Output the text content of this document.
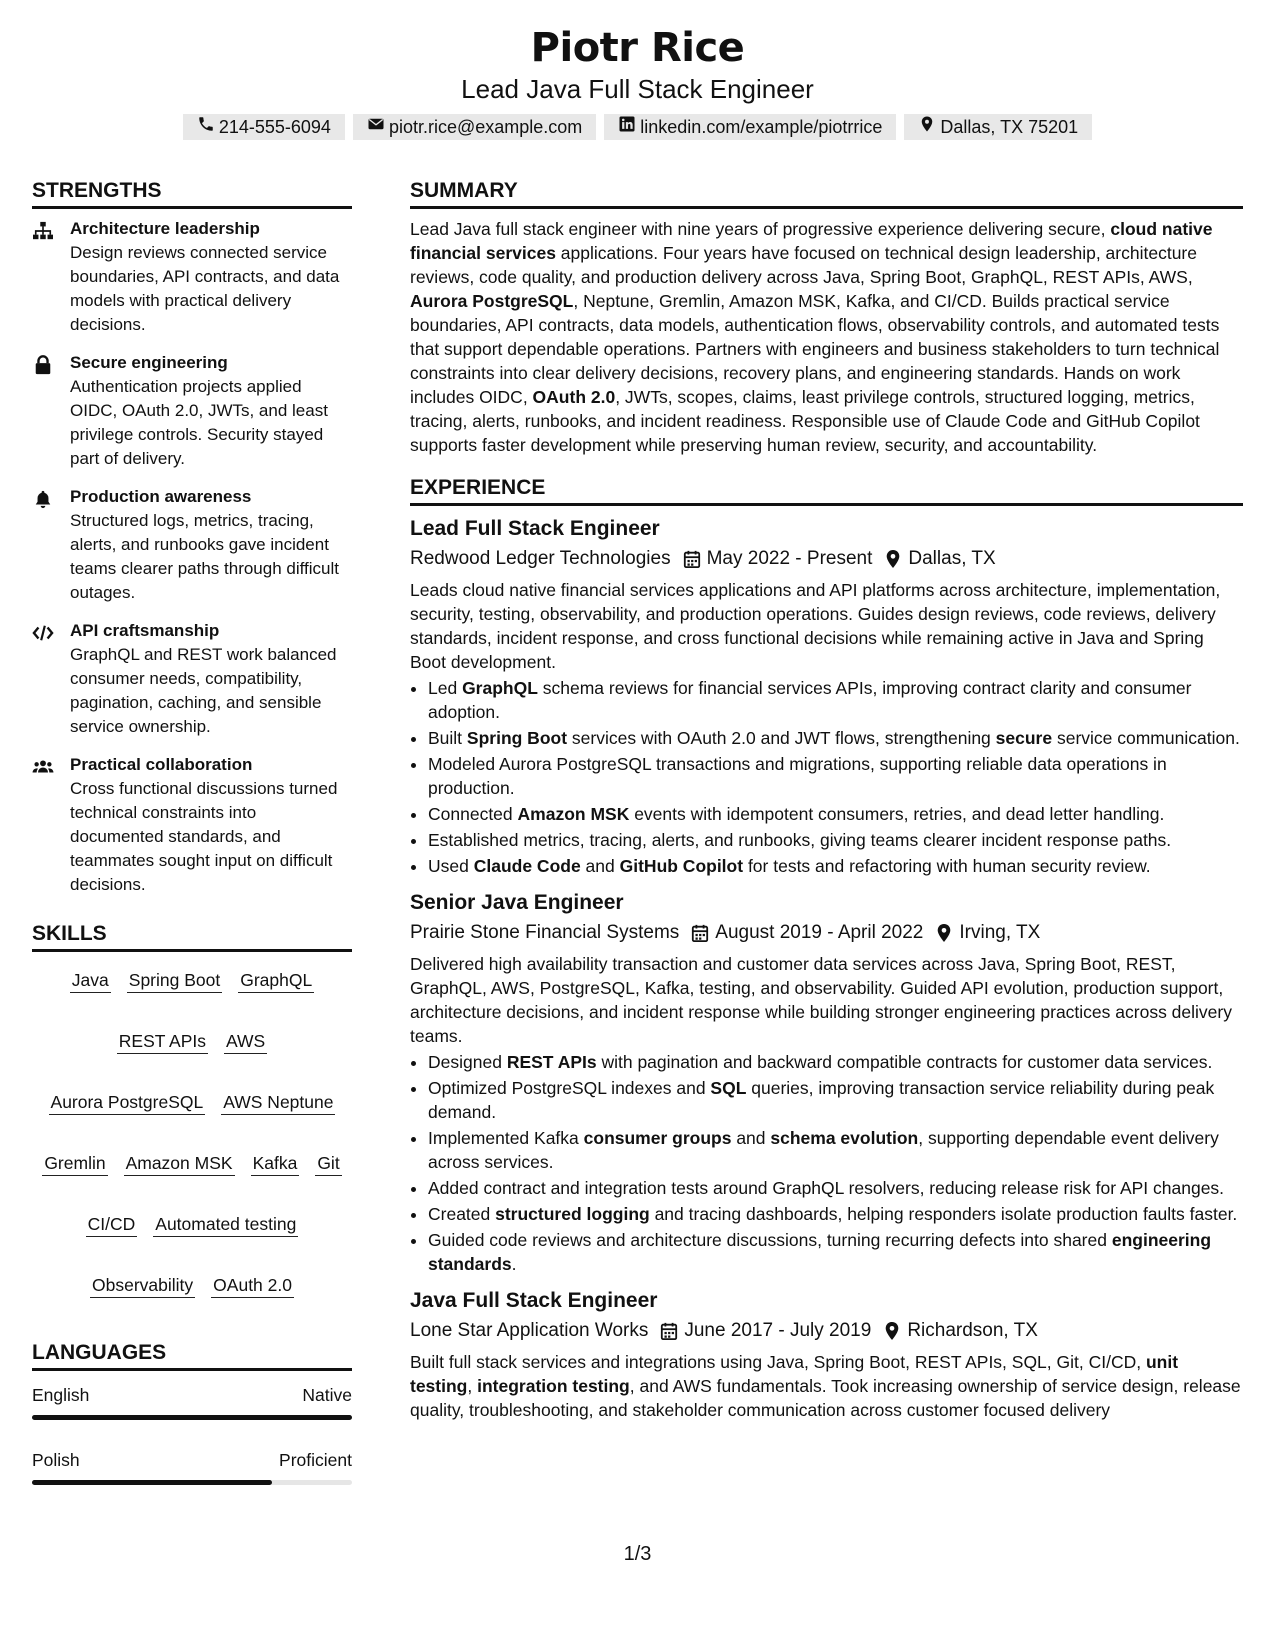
Piotr Rice
Lead Java Full Stack Engineer
214-555-6094	piotr.rice@example.com	linkedin.com/example/piotrrice	Dallas, TX 75201
STRENGTHS
Architecture leadership
Design reviews connected service boundaries, API contracts, and data models with practical delivery decisions.
Secure engineering
Authentication projects applied OIDC, OAuth 2.0, JWTs, and least privilege controls. Security stayed part of delivery.
Production awareness
Structured logs, metrics, tracing, alerts, and runbooks gave incident teams clearer paths through difficult outages.
API craftsmanship
GraphQL and REST work balanced consumer needs, compatibility, pagination, caching, and sensible service ownership.
Practical collaboration
Cross functional discussions turned technical constraints into documented standards, and teammates sought input on difficult decisions.
SKILLS
Java Spring Boot GraphQL
REST APIs AWS
Aurora PostgreSQL AWS Neptune
Gremlin Amazon MSK Kafka Git
CI/CD Automated testing
Observability OAuth 2.0
LANGUAGES
English	Native
Polish	Proficient
SUMMARY
Lead Java full stack engineer with nine years of progressive experience delivering secure, cloud native financial services applications. Four years have focused on technical design leadership, architecture reviews, code quality, and production delivery across Java, Spring Boot, GraphQL, REST APIs, AWS, Aurora PostgreSQL, Neptune, Gremlin, Amazon MSK, Kafka, and CI/CD. Builds practical service boundaries, API contracts, data models, authentication flows, observability controls, and automated tests that support dependable operations. Partners with engineers and business stakeholders to turn technical constraints into clear delivery decisions, recovery plans, and engineering standards. Hands on work includes OIDC, OAuth 2.0, JWTs, scopes, claims, least privilege controls, structured logging, metrics, tracing, alerts, runbooks, and incident readiness. Responsible use of Claude Code and GitHub Copilot supports faster development while preserving human review, security, and accountability.
EXPERIENCE
Lead Full Stack Engineer
Redwood Ledger Technologies May 2022 - Present Dallas, TX
Leads cloud native financial services applications and API platforms across architecture, implementation, security, testing, observability, and production operations. Guides design reviews, code reviews, delivery standards, incident response, and cross functional decisions while remaining active in Java and Spring Boot development.
• Led GraphQL schema reviews for financial services APIs, improving contract clarity and consumer adoption.
• Built Spring Boot services with OAuth 2.0 and JWT flows, strengthening secure service communication.
• Modeled Aurora PostgreSQL transactions and migrations, supporting reliable data operations in production.
• Connected Amazon MSK events with idempotent consumers, retries, and dead letter handling.
• Established metrics, tracing, alerts, and runbooks, giving teams clearer incident response paths.
• Used Claude Code and GitHub Copilot for tests and refactoring with human security review.
Senior Java Engineer
Prairie Stone Financial Systems August 2019 - April 2022 Irving, TX
Delivered high availability transaction and customer data services across Java, Spring Boot, REST, GraphQL, AWS, PostgreSQL, Kafka, testing, and observability. Guided API evolution, production support, architecture decisions, and incident response while building stronger engineering practices across delivery teams.
• Designed REST APIs with pagination and backward compatible contracts for customer data services.
• Optimized PostgreSQL indexes and SQL queries, improving transaction service reliability during peak demand.
• Implemented Kafka consumer groups and schema evolution, supporting dependable event delivery across services.
• Added contract and integration tests around GraphQL resolvers, reducing release risk for API changes.
• Created structured logging and tracing dashboards, helping responders isolate production faults faster.
• Guided code reviews and architecture discussions, turning recurring defects into shared engineering standards.
Java Full Stack Engineer
Lone Star Application Works June 2017 - July 2019 Richardson, TX
Built full stack services and integrations using Java, Spring Boot, REST APIs, SQL, Git, CI/CD, unit testing, integration testing, and AWS fundamentals. Took increasing ownership of service design, release quality, troubleshooting, and stakeholder communication across customer focused delivery
1/3
